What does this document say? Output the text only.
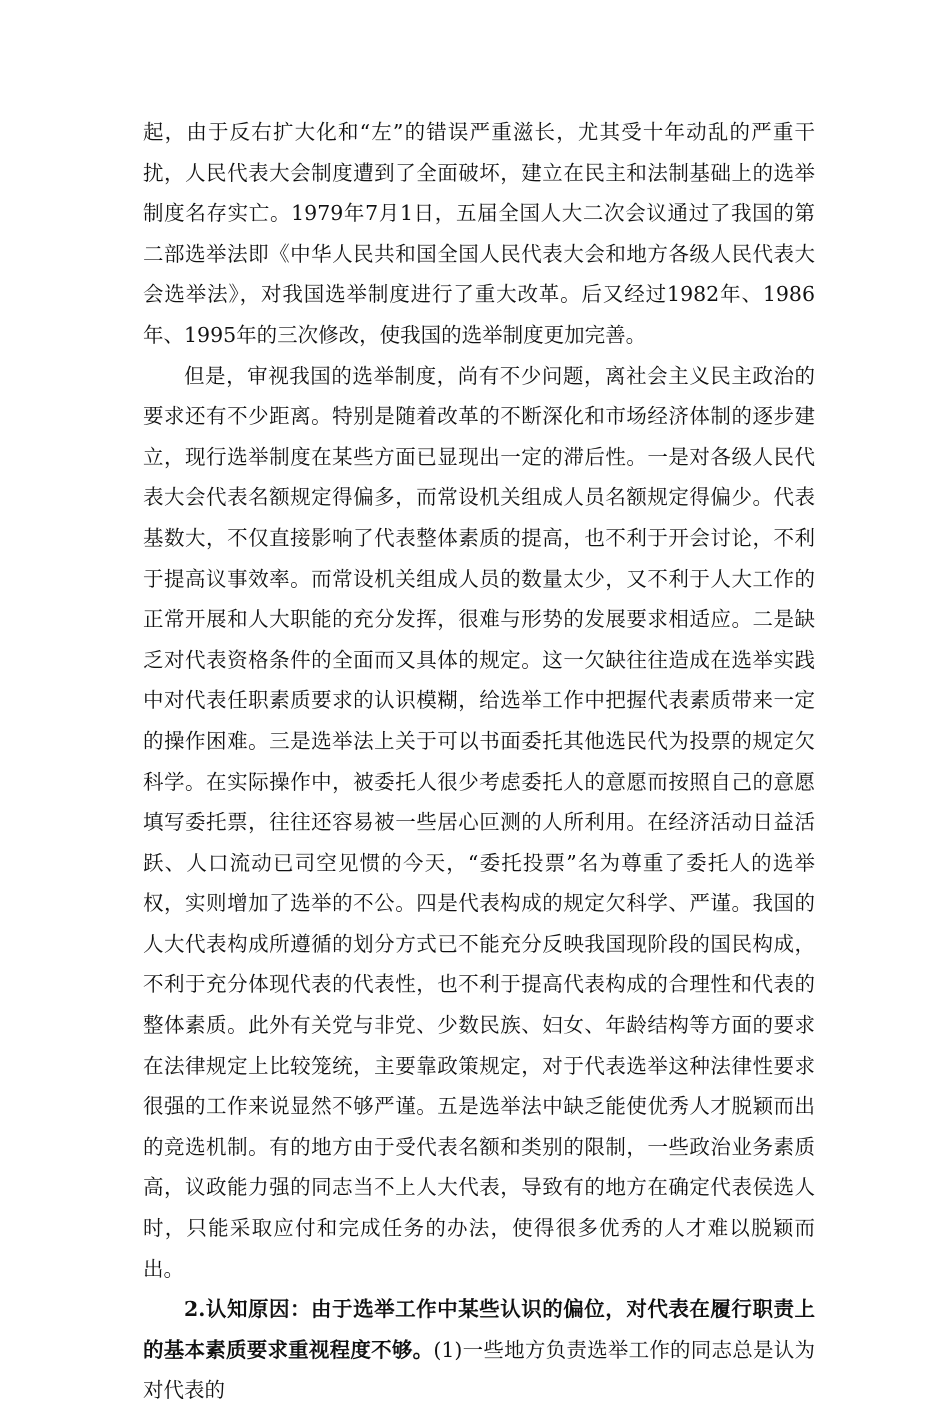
起，由于反右扩大化和“左”的错误严重滋长，尤其受十年动乱的严重干扰，人民代表大会制度遭到了全面破坏，建立在民主和法制基础上的选举制度名存实亡。1979年7月1日，五届全国人大二次会议通过了我国的第二部选举法即《中华人民共和国全国人民代表大会和地方各级人民代表大会选举法》，对我国选举制度进行了重大改革。后又经过1982年、1986年、1995年的三次修改，使我国的选举制度更加完善。

但是，审视我国的选举制度，尚有不少问题，离社会主义民主政治的要求还有不少距离。特别是随着改革的不断深化和市场经济体制的逐步建立，现行选举制度在某些方面已显现出一定的滞后性。一是对各级人民代表大会代表名额规定得偏多，而常设机关组成人员名额规定得偏少。代表基数大，不仅直接影响了代表整体素质的提高，也不利于开会讨论，不利于提高议事效率。而常设机关组成人员的数量太少，又不利于人大工作的正常开展和人大职能的充分发挥，很难与形势的发展要求相适应。二是缺乏对代表资格条件的全面而又具体的规定。这一欠缺往往造成在选举实践中对代表任职素质要求的认识模糊，给选举工作中把握代表素质带来一定的操作困难。三是选举法上关于可以书面委托其他选民代为投票的规定欠科学。在实际操作中，被委托人很少考虑委托人的意愿而按照自己的意愿填写委托票，往往还容易被一些居心叵测的人所利用。在经济活动日益活跃、人口流动已司空见惯的今天，“委托投票”名为尊重了委托人的选举权，实则增加了选举的不公。四是代表构成的规定欠科学、严谨。我国的人大代表构成所遵循的划分方式已不能充分反映我国现阶段的国民构成，不利于充分体现代表的代表性，也不利于提高代表构成的合理性和代表的整体素质。此外有关党与非党、少数民族、妇女、年龄结构等方面的要求在法律规定上比较笼统，主要靠政策规定，对于代表选举这种法律性要求很强的工作来说显然不够严谨。五是选举法中缺乏能使优秀人才脱颖而出的竞选机制。有的地方由于受代表名额和类别的限制，一些政治业务素质高，议政能力强的同志当不上人大代表，导致有的地方在确定代表侯选人时，只能采取应付和完成任务的办法，使得很多优秀的人才难以脱颖而出。

2.认知原因：由于选举工作中某些认识的偏位，对代表在履行职责上的基本素质要求重视程度不够。(1)一些地方负责选举工作的同志总是认为对代表的
